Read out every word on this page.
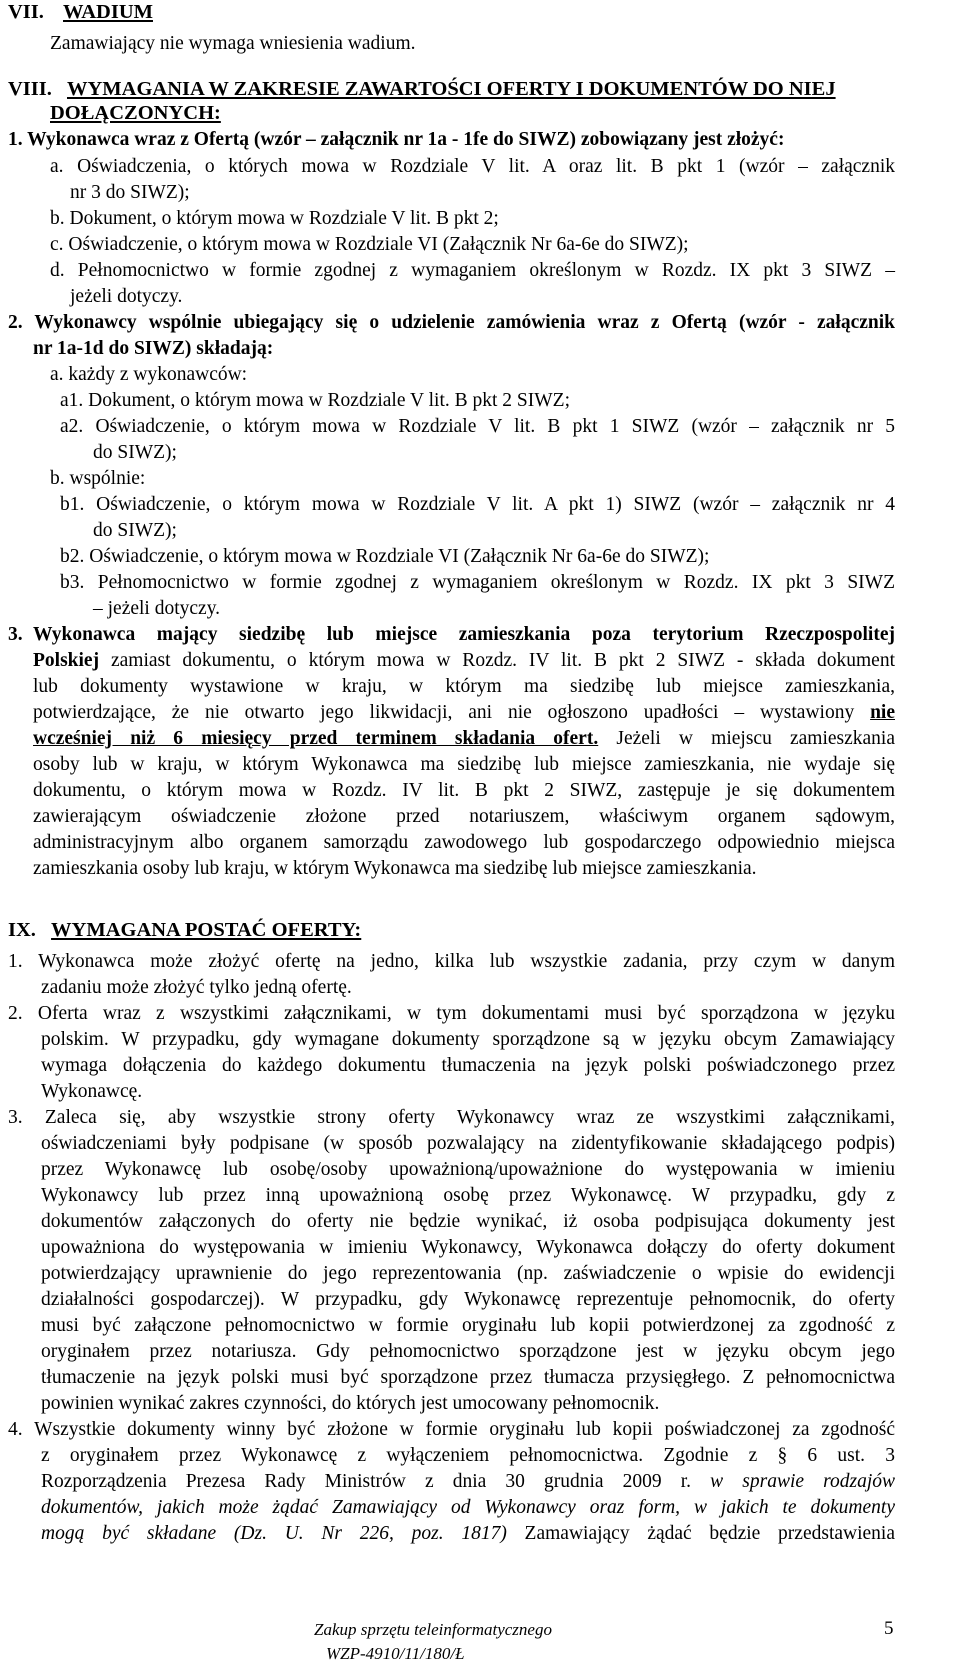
VII. WADIUM
Zamawiający nie wymaga wniesienia wadium.
VIII. WYMAGANIA W ZAKRESIE ZAWARTOŚCI OFERTY I DOKUMENTÓW DO NIEJ
DOŁĄCZONYCH:
1. Wykonawca wraz z Ofertą (wzór – załącznik nr 1a - 1fe do SIWZ) zobowiązany jest złożyć:
a. Oświadczenia, o których mowa w Rozdziale V lit. A oraz lit. B pkt 1 (wzór – załącznik
nr 3 do SIWZ);
b. Dokument, o którym mowa w Rozdziale V lit. B pkt 2;
c. Oświadczenie, o którym mowa w Rozdziale VI (Załącznik Nr 6a-6e do SIWZ);
d. Pełnomocnictwo w formie zgodnej z wymaganiem określonym w Rozdz. IX pkt 3 SIWZ –
jeżeli dotyczy.
2. Wykonawcy wspólnie ubiegający się o udzielenie zamówienia wraz z Ofertą (wzór - załącznik
nr 1a-1d do SIWZ) składają:
a. każdy z wykonawców:
a1. Dokument, o którym mowa w Rozdziale V lit. B pkt 2 SIWZ;
a2. Oświadczenie, o którym mowa w Rozdziale V lit. B pkt 1 SIWZ (wzór – załącznik nr 5
do SIWZ);
b. wspólnie:
b1. Oświadczenie, o którym mowa w Rozdziale V lit. A pkt 1) SIWZ (wzór – załącznik nr 4
do SIWZ);
b2. Oświadczenie, o którym mowa w Rozdziale VI (Załącznik Nr 6a-6e do SIWZ);
b3. Pełnomocnictwo w formie zgodnej z wymaganiem określonym w Rozdz. IX pkt 3 SIWZ
– jeżeli dotyczy.
3. Wykonawca mający siedzibę lub miejsce zamieszkania poza terytorium Rzeczpospolitej
Polskiej zamiast dokumentu, o którym mowa w Rozdz. IV lit. B pkt 2 SIWZ - składa dokument
lub dokumenty wystawione w kraju, w którym ma siedzibę lub miejsce zamieszkania,
potwierdzające, że nie otwarto jego likwidacji, ani nie ogłoszono upadłości – wystawiony nie
wcześniej niż 6 miesięcy przed terminem składania ofert. Jeżeli w miejscu zamieszkania
osoby lub w kraju, w którym Wykonawca ma siedzibę lub miejsce zamieszkania, nie wydaje się
dokumentu, o którym mowa w Rozdz. IV lit. B pkt 2 SIWZ, zastępuje je się dokumentem
zawierającym oświadczenie złożone przed notariuszem, właściwym organem sądowym,
administracyjnym albo organem samorządu zawodowego lub gospodarczego odpowiednio miejsca
zamieszkania osoby lub kraju, w którym Wykonawca ma siedzibę lub miejsce zamieszkania.
IX. WYMAGANA POSTAĆ OFERTY:
1. Wykonawca może złożyć ofertę na jedno, kilka lub wszystkie zadania, przy czym w danym
zadaniu może złożyć tylko jedną ofertę.
2. Oferta wraz z wszystkimi załącznikami, w tym dokumentami musi być sporządzona w języku
polskim. W przypadku, gdy wymagane dokumenty sporządzone są w języku obcym Zamawiający
wymaga dołączenia do każdego dokumentu tłumaczenia na język polski poświadczonego przez
Wykonawcę.
3. Zaleca się, aby wszystkie strony oferty Wykonawcy wraz ze wszystkimi załącznikami,
oświadczeniami były podpisane (w sposób pozwalający na zidentyfikowanie składającego podpis)
przez Wykonawcę lub osobę/osoby upoważnioną/upoważnione do występowania w imieniu
Wykonawcy lub przez inną upoważnioną osobę przez Wykonawcę. W przypadku, gdy z
dokumentów załączonych do oferty nie będzie wynikać, iż osoba podpisująca dokumenty jest
upoważniona do występowania w imieniu Wykonawcy, Wykonawca dołączy do oferty dokument
potwierdzający uprawnienie do jego reprezentowania (np. zaświadczenie o wpisie do ewidencji
działalności gospodarczej). W przypadku, gdy Wykonawcę reprezentuje pełnomocnik, do oferty
musi być załączone pełnomocnictwo w formie oryginału lub kopii potwierdzonej za zgodność z
oryginałem przez notariusza. Gdy pełnomocnictwo sporządzone jest w języku obcym jego
tłumaczenie na język polski musi być sporządzone przez tłumacza przysięgłego. Z pełnomocnictwa
powinien wynikać zakres czynności, do których jest umocowany pełnomocnik.
4. Wszystkie dokumenty winny być złożone w formie oryginału lub kopii poświadczonej za zgodność
z oryginałem przez Wykonawcę z wyłączeniem pełnomocnictwa. Zgodnie z § 6 ust. 3
Rozporządzenia Prezesa Rady Ministrów z dnia 30 grudnia 2009 r. w sprawie rodzajów
dokumentów, jakich może żądać Zamawiający od Wykonawcy oraz form, w jakich te dokumenty
mogą być składane (Dz. U. Nr 226, poz. 1817) Zamawiający żądać będzie przedstawienia
Zakup sprzętu teleinformatycznego
WZP-4910/11/180/Ł
5
